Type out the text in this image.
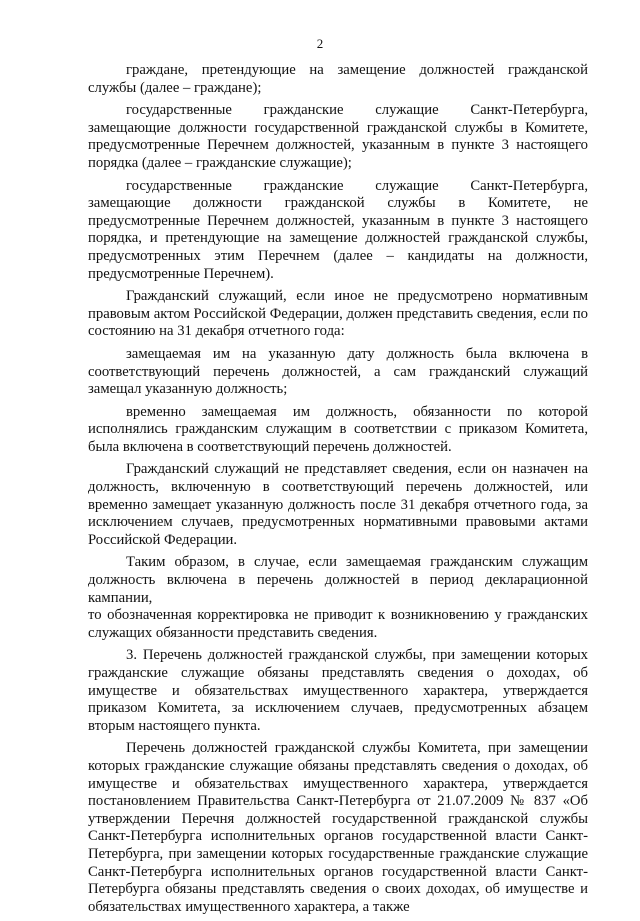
2

граждане, претендующие на замещение должностей гражданской службы (далее – граждане);

государственные гражданские служащие Санкт-Петербурга, замещающие должности государственной гражданской службы в Комитете, предусмотренные Перечнем должностей, указанным в пункте 3 настоящего порядка (далее – гражданские служащие);

государственные гражданские служащие Санкт-Петербурга, замещающие должности гражданской службы в Комитете, не предусмотренные Перечнем должностей, указанным в пункте 3 настоящего порядка, и претендующие на замещение должностей гражданской службы, предусмотренных этим Перечнем (далее – кандидаты на должности, предусмотренные Перечнем).

Гражданский служащий, если иное не предусмотрено нормативным правовым актом Российской Федерации, должен представить сведения, если по состоянию на 31 декабря отчетного года:

замещаемая им на указанную дату должность была включена в соответствующий перечень должностей, а сам гражданский служащий замещал указанную должность;

временно замещаемая им должность, обязанности по которой исполнялись гражданским служащим в соответствии с приказом Комитета, была включена в соответствующий перечень должностей.

Гражданский служащий не представляет сведения, если он назначен на должность, включенную в соответствующий перечень должностей, или временно замещает указанную должность после 31 декабря отчетного года, за исключением случаев, предусмотренных нормативными правовыми актами Российской Федерации.

Таким образом, в случае, если замещаемая гражданским служащим должность включена в перечень должностей в период декларационной кампании,

то обозначенная корректировка не приводит к возникновению у гражданских служащих обязанности представить сведения.

3. Перечень должностей гражданской службы, при замещении которых гражданские служащие обязаны представлять сведения о доходах, об имуществе и обязательствах имущественного характера, утверждается приказом Комитета, за исключением случаев, предусмотренных абзацем вторым настоящего пункта.

Перечень должностей гражданской службы Комитета, при замещении которых гражданские служащие обязаны представлять сведения о доходах, об имуществе и обязательствах имущественного характера, утверждается постановлением Правительства Санкт-Петербурга от 21.07.2009 № 837 «Об утверждении Перечня должностей государственной гражданской службы Санкт-Петербурга исполнительных органов государственной власти Санкт-Петербурга, при замещении которых государственные гражданские служащие Санкт-Петербурга исполнительных органов государственной власти Санкт-Петербурга обязаны представлять сведения о своих доходах, об имуществе и обязательствах имущественного характера, а также
